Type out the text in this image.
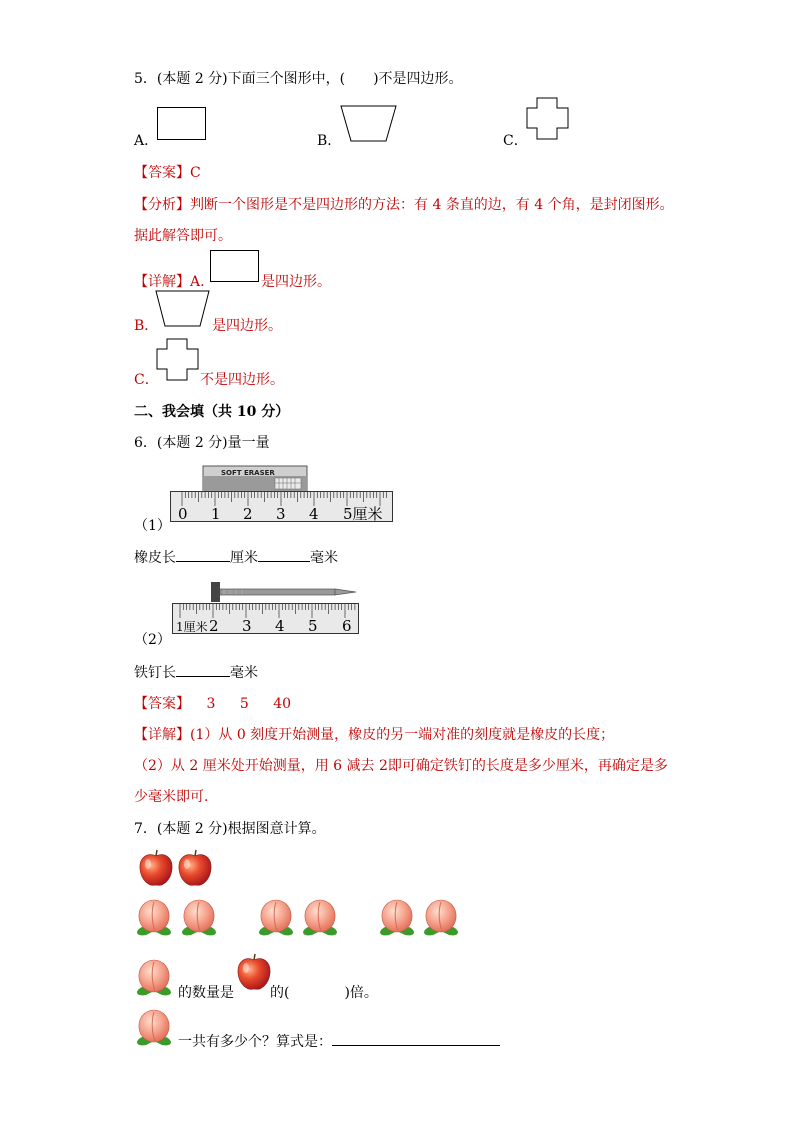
5．(本题 2 分)下面三个图形中，(　　)不是四边形。
A．	B．	C．
【答案】C
【分析】判断一个图形是不是四边形的方法：有 4 条直的边，有 4 个角，是封闭图形。
据此解答即可。
【详解】A.	是四边形。
B．	是四边形。
C．	不是四边形。
二、我会填（共 10 分）
6．(本题 2 分)量一量
（1）
SOFT ERASER
0 1 2 3 4 5厘米
橡皮长	厘米	毫米
（2）
1厘米 2 3 4 5 6
铁钉长	毫米
【答案】 3 5 40
【详解】(1）从 0 刻度开始测量，橡皮的另一端对准的刻度就是橡皮的长度；
（2）从 2 厘米处开始测量，用 6 减去 2即可确定铁钉的长度是多少厘米，再确定是多
少毫米即可.
7．(本题 2 分)根据图意计算。
的数量是	的(	)倍。
一共有多少个？算式是：
